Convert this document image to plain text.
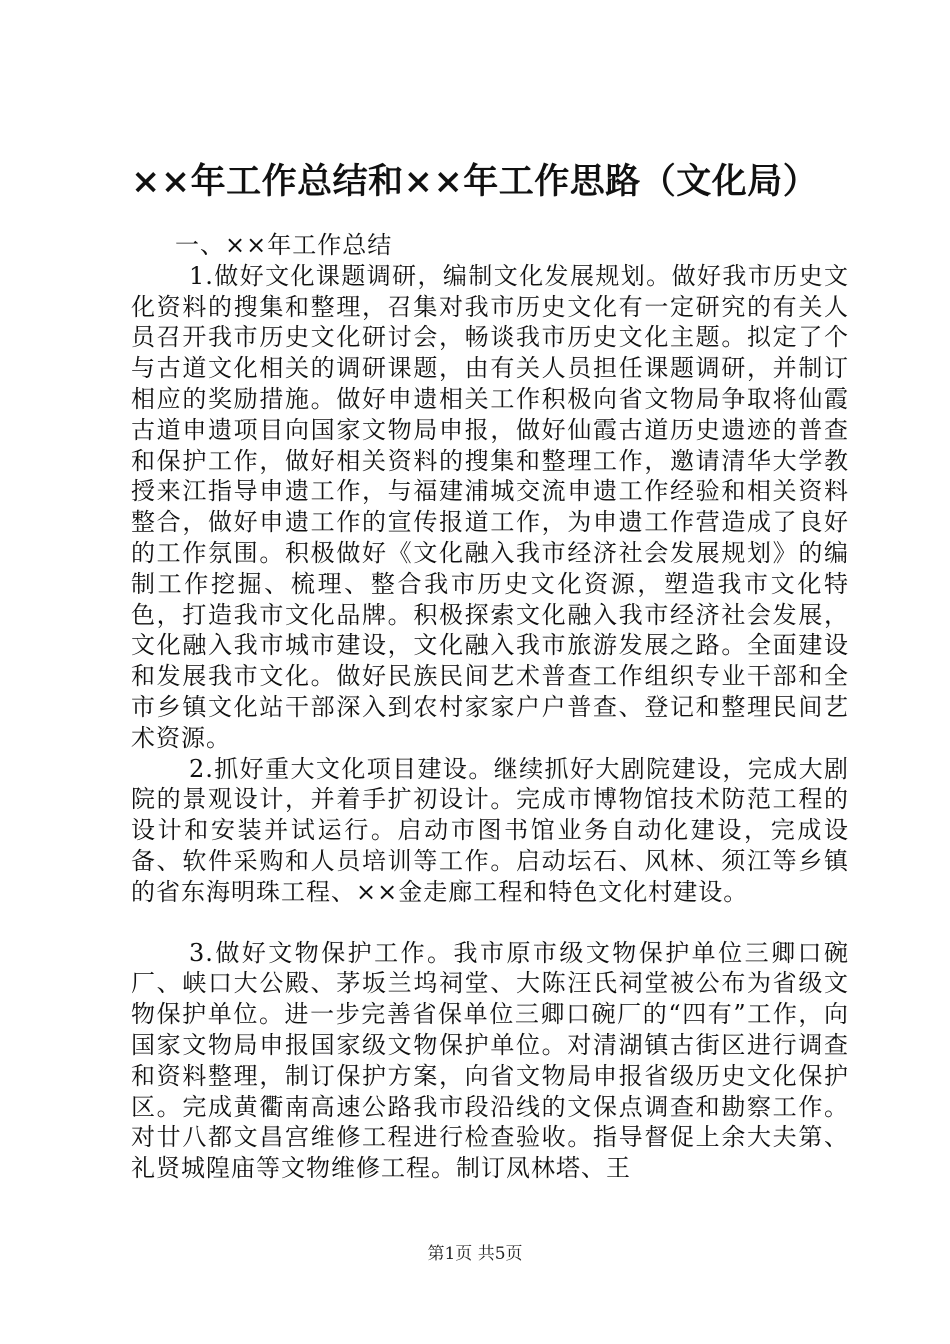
××年工作总结和××年工作思路（文化局）

一、××年工作总结

1.做好文化课题调研，编制文化发展规划。做好我市历史文化资料的搜集和整理，召集对我市历史文化有一定研究的有关人员召开我市历史文化研讨会，畅谈我市历史文化主题。拟定了个与古道文化相关的调研课题，由有关人员担任课题调研，并制订相应的奖励措施。做好申遗相关工作积极向省文物局争取将仙霞古道申遗项目向国家文物局申报，做好仙霞古道历史遗迹的普查和保护工作，做好相关资料的搜集和整理工作，邀请清华大学教授来江指导申遗工作，与福建浦城交流申遗工作经验和相关资料整合，做好申遗工作的宣传报道工作，为申遗工作营造成了良好的工作氛围。积极做好《文化融入我市经济社会发展规划》的编制工作挖掘、梳理、整合我市历史文化资源，塑造我市文化特色，打造我市文化品牌。积极探索文化融入我市经济社会发展，文化融入我市城市建设，文化融入我市旅游发展之路。全面建设和发展我市文化。做好民族民间艺术普查工作组织专业干部和全市乡镇文化站干部深入到农村家家户户普查、登记和整理民间艺术资源。

2.抓好重大文化项目建设。继续抓好大剧院建设，完成大剧院的景观设计，并着手扩初设计。完成市博物馆技术防范工程的设计和安装并试运行。启动市图书馆业务自动化建设，完成设备、软件采购和人员培训等工作。启动坛石、风林、须江等乡镇的省东海明珠工程、××金走廊工程和特色文化村建设。

3.做好文物保护工作。我市原市级文物保护单位三卿口碗厂、峡口大公殿、茅坂兰坞祠堂、大陈汪氏祠堂被公布为省级文物保护单位。进一步完善省保单位三卿口碗厂的“四有”工作，向国家文物局申报国家级文物保护单位。对清湖镇古街区进行调查和资料整理，制订保护方案，向省文物局申报省级历史文化保护区。完成黄衢南高速公路我市段沿线的文保点调查和勘察工作。对廿八都文昌宫维修工程进行检查验收。指导督促上余大夫第、礼贤城隍庙等文物维修工程。制订凤林塔、王

第1页 共5页
